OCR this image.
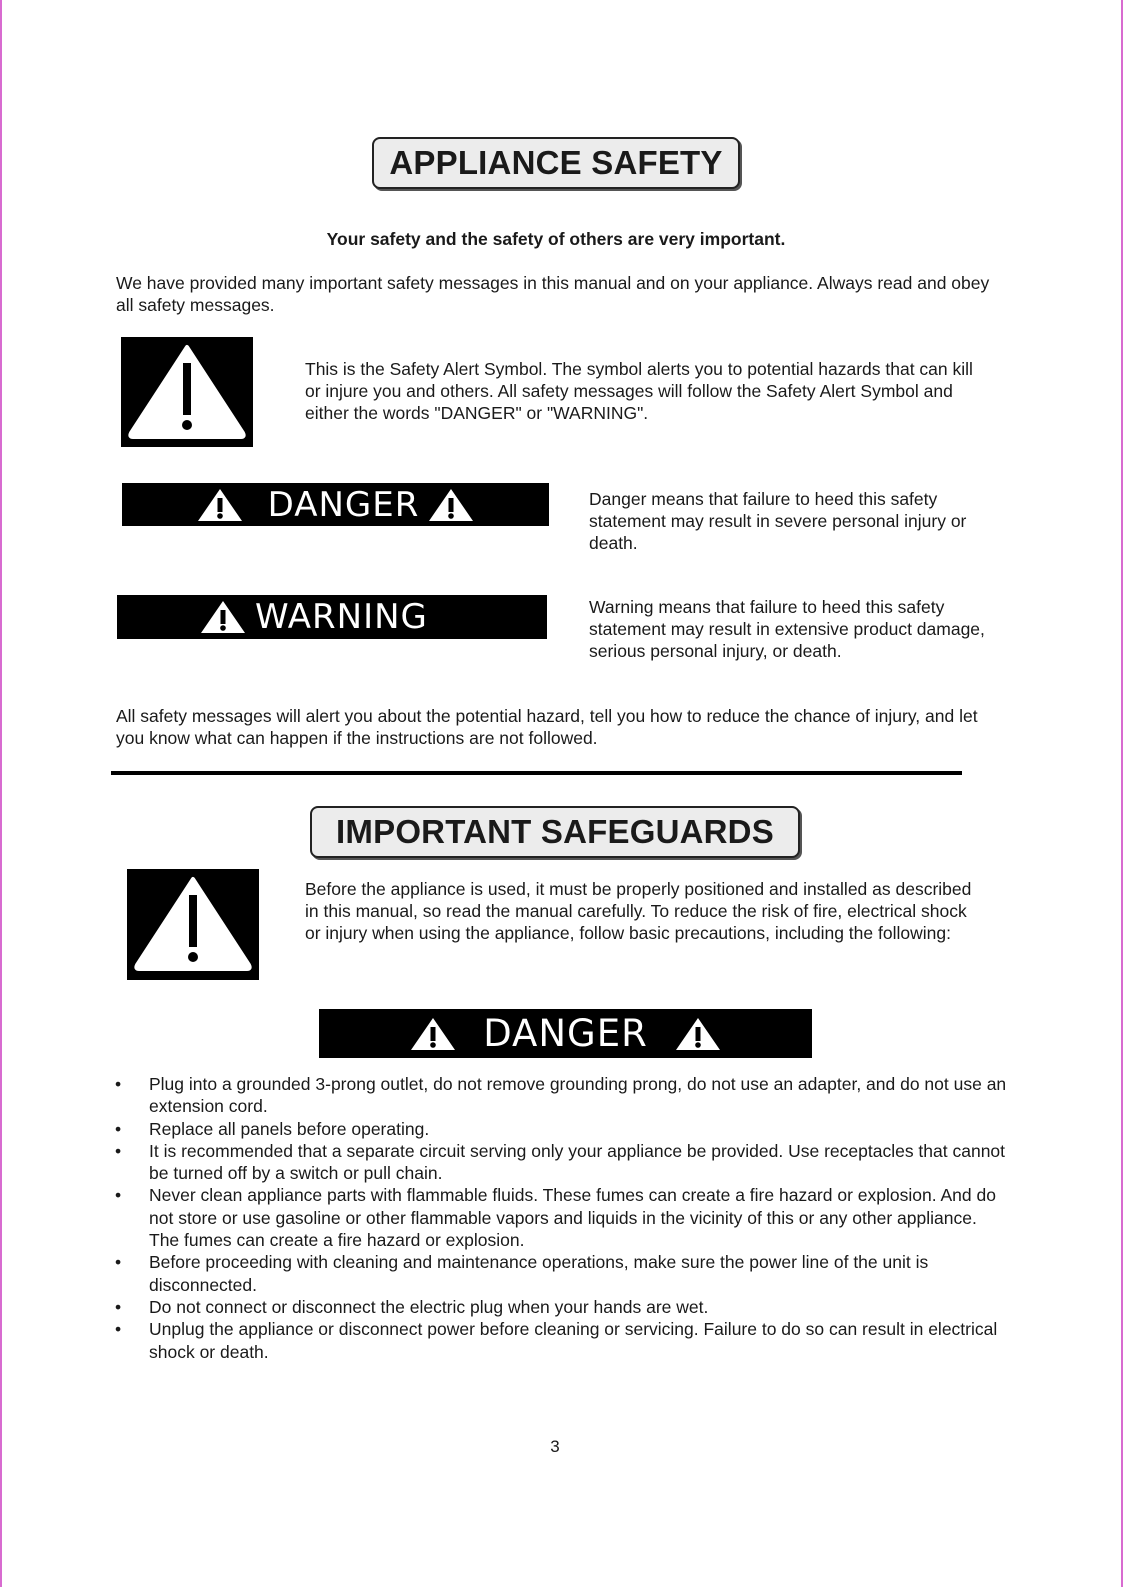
APPLIANCE SAFETY

Your safety and the safety of others are very important.

We have provided many important safety messages in this manual and on your appliance. Always read and obey all safety messages.

This is the Safety Alert Symbol. The symbol alerts you to potential hazards that can kill or injure you and others. All safety messages will follow the Safety Alert Symbol and either the words "DANGER" or "WARNING".

DANGER	Danger means that failure to heed this safety statement may result in severe personal injury or death.

WARNING	Warning means that failure to heed this safety statement may result in extensive product damage, serious personal injury, or death.

All safety messages will alert you about the potential hazard, tell you how to reduce the chance of injury, and let you know what can happen if the instructions are not followed.

IMPORTANT SAFEGUARDS

Before the appliance is used, it must be properly positioned and installed as described in this manual, so read the manual carefully. To reduce the risk of fire, electrical shock or injury when using the appliance, follow basic precautions, including the following:

DANGER
• Plug into a grounded 3-prong outlet, do not remove grounding prong, do not use an adapter, and do not use an extension cord.
• Replace all panels before operating.
• It is recommended that a separate circuit serving only your appliance be provided. Use receptacles that cannot be turned off by a switch or pull chain.
• Never clean appliance parts with flammable fluids. These fumes can create a fire hazard or explosion. And do not store or use gasoline or other flammable vapors and liquids in the vicinity of this or any other appliance. The fumes can create a fire hazard or explosion.
• Before proceeding with cleaning and maintenance operations, make sure the power line of the unit is disconnected.
• Do not connect or disconnect the electric plug when your hands are wet.
• Unplug the appliance or disconnect power before cleaning or servicing. Failure to do so can result in electrical shock or death.
3
